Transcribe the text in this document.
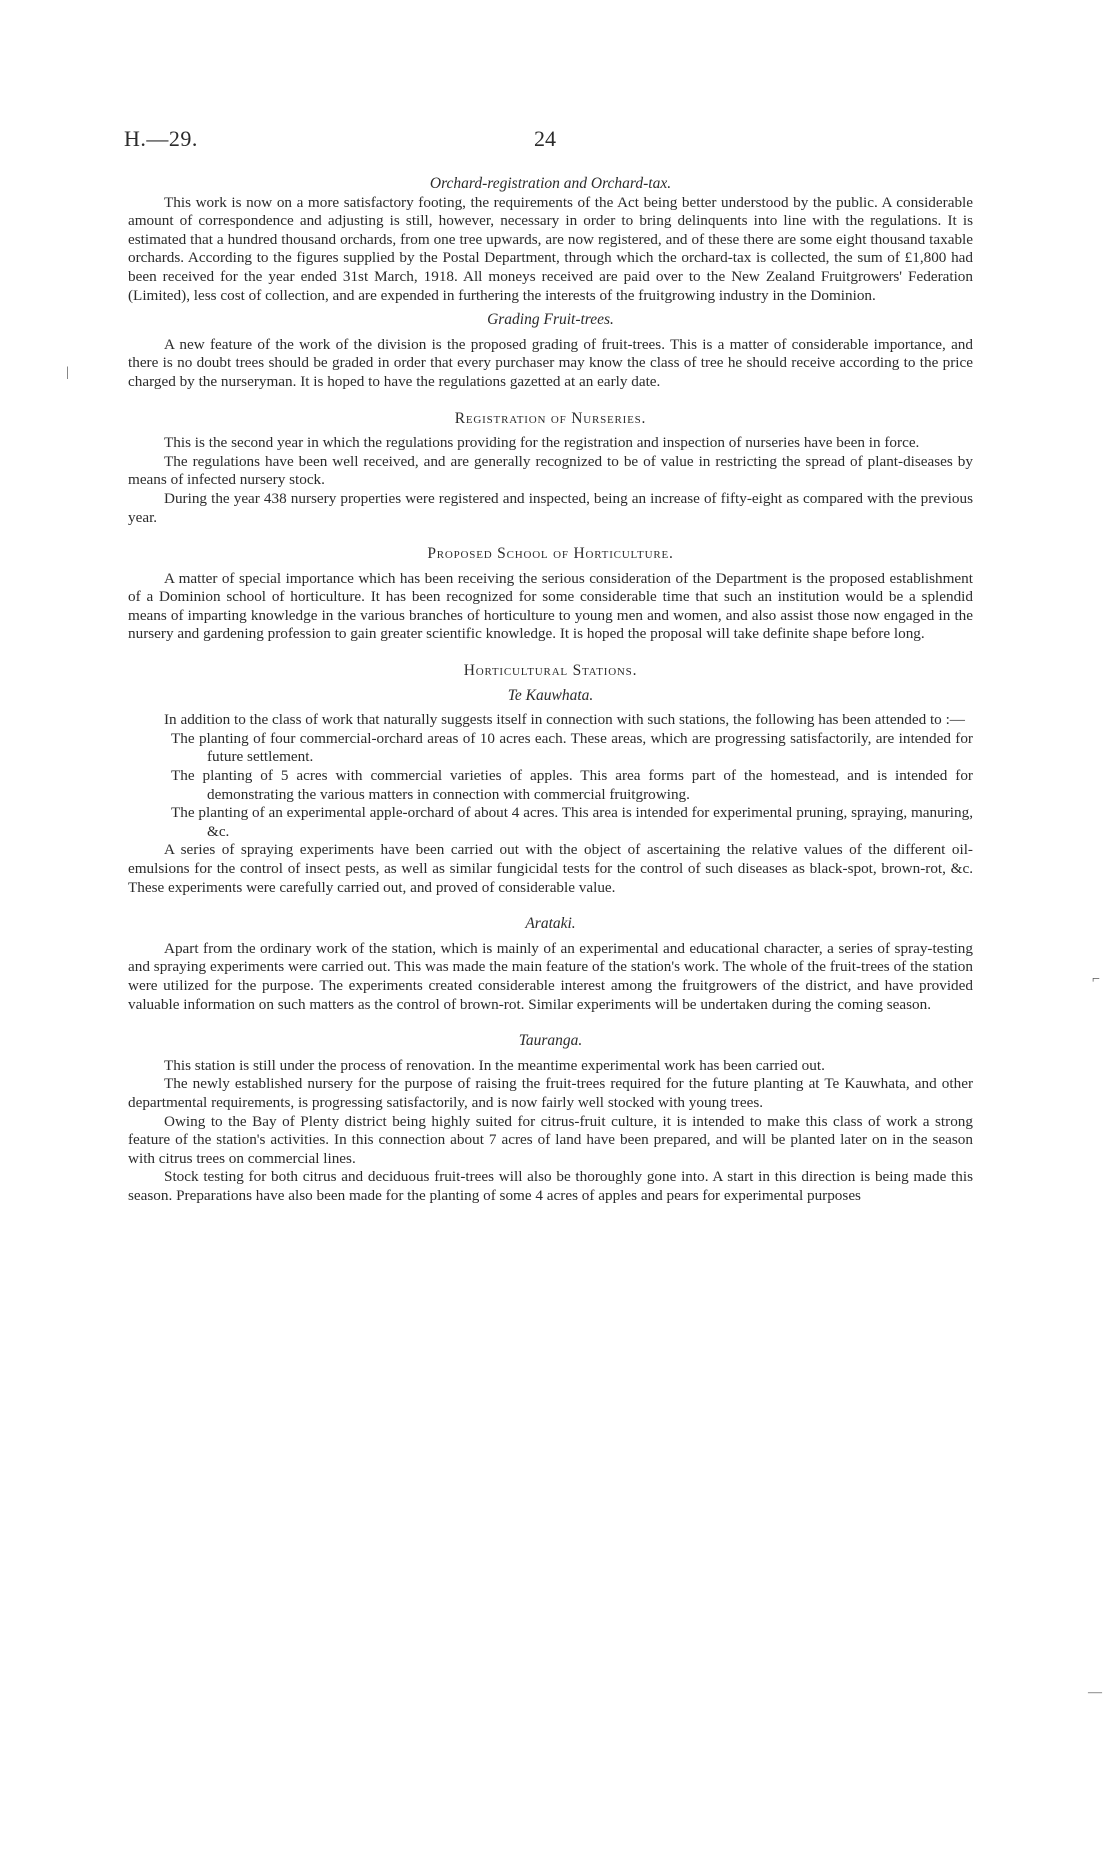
H.—29.	24
Orchard-registration and Orchard-tax.

This work is now on a more satisfactory footing, the requirements of the Act being better understood by the public. A considerable amount of correspondence and adjusting is still, however, necessary in order to bring delinquents into line with the regulations. It is estimated that a hundred thousand orchards, from one tree upwards, are now registered, and of these there are some eight thousand taxable orchards. According to the figures supplied by the Postal Department, through which the orchard-tax is collected, the sum of £1,800 had been received for the year ended 31st March, 1918. All moneys received are paid over to the New Zealand Fruitgrowers' Federation (Limited), less cost of collection, and are expended in furthering the interests of the fruitgrowing industry in the Dominion.

Grading Fruit-trees.

A new feature of the work of the division is the proposed grading of fruit-trees. This is a matter of considerable importance, and there is no doubt trees should be graded in order that every purchaser may know the class of tree he should receive according to the price charged by the nurseryman. It is hoped to have the regulations gazetted at an early date.

Registration of Nurseries.

This is the second year in which the regulations providing for the registration and inspection of nurseries have been in force.

The regulations have been well received, and are generally recognized to be of value in restricting the spread of plant-diseases by means of infected nursery stock.

During the year 438 nursery properties were registered and inspected, being an increase of fifty-eight as compared with the previous year.

Proposed School of Horticulture.

A matter of special importance which has been receiving the serious consideration of the Department is the proposed establishment of a Dominion school of horticulture. It has been recognized for some considerable time that such an institution would be a splendid means of imparting knowledge in the various branches of horticulture to young men and women, and also assist those now engaged in the nursery and gardening profession to gain greater scientific knowledge. It is hoped the proposal will take definite shape before long.

Horticultural Stations.
Te Kauwhata.

In addition to the class of work that naturally suggests itself in connection with such stations, the following has been attended to :—

The planting of four commercial-orchard areas of 10 acres each. These areas, which are progressing satisfactorily, are intended for future settlement.
The planting of 5 acres with commercial varieties of apples. This area forms part of the homestead, and is intended for demonstrating the various matters in connection with commercial fruitgrowing.
The planting of an experimental apple-orchard of about 4 acres. This area is intended for experimental pruning, spraying, manuring, &c.

A series of spraying experiments have been carried out with the object of ascertaining the relative values of the different oil-emulsions for the control of insect pests, as well as similar fungicidal tests for the control of such diseases as black-spot, brown-rot, &c. These experiments were carefully carried out, and proved of considerable value.

Arataki.

Apart from the ordinary work of the station, which is mainly of an experimental and educational character, a series of spray-testing and spraying experiments were carried out. This was made the main feature of the station's work. The whole of the fruit-trees of the station were utilized for the purpose. The experiments created considerable interest among the fruitgrowers of the district, and have provided valuable information on such matters as the control of brown-rot. Similar experiments will be undertaken during the coming season.

Tauranga.

This station is still under the process of renovation. In the meantime experimental work has been carried out.

The newly established nursery for the purpose of raising the fruit-trees required for the future planting at Te Kauwhata, and other departmental requirements, is progressing satisfactorily, and is now fairly well stocked with young trees.

Owing to the Bay of Plenty district being highly suited for citrus-fruit culture, it is intended to make this class of work a strong feature of the station's activities. In this connection about 7 acres of land have been prepared, and will be planted later on in the season with citrus trees on commercial lines.

Stock testing for both citrus and deciduous fruit-trees will also be thoroughly gone into. A start in this direction is being made this season. Preparations have also been made for the planting of some 4 acres of apples and pears for experimental purposes

|
⌐
—
